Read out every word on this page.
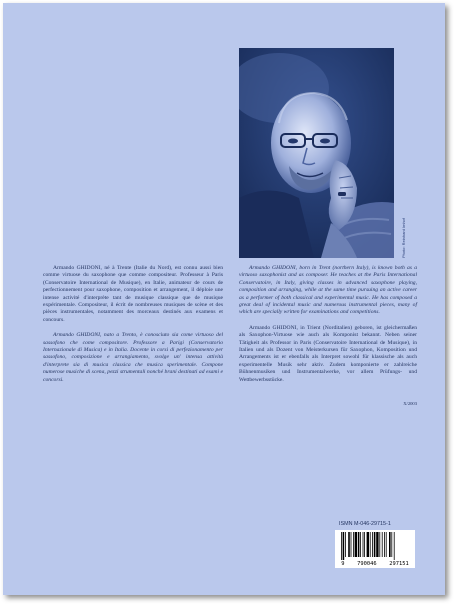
Photo: Reinhard Imhof

Armando GHIDONI, né à Trente (Italie du Nord), est connu aussi bien comme virtuose du saxophone que comme compositeur. Professeur à Paris (Conservatoire International de Musique), en Italie, animateur de cours de perfectionnement pour saxophone, composition et arrangement, il déploie une intense activité d'interprète tant de musique classique que de musique expérimentale. Compositeur, il écrit de nombreuses musiques de scène et des pièces instrumentales, notamment des morceaux destinés aux examens et concours.

Armando GHIDONI, nato a Trento, è conosciuto sia come virtuoso del sassofono che come compositore. Professore a Parigi (Conservatorio Internazionale di Musica) e in Italia. Docente in corsi di perfezionamento per sassofono, composizione e arrangiamento, svolge un' intensa attività d'interprete sia di musica classica che musica sperimentale. Compone numerose musiche di scena, pezzi strumentali nonché brani destinati ad esami e concorsi.

Armando GHIDONI, born in Trent (northern Italy), is known both as a virtuoso saxophonist and as composer. He teaches at the Paris International Conservatoire, in Italy, giving classes in advanced saxophone playing, composition and arranging, while at the same time pursuing an active career as a performer of both classical and experimental music. He has composed a great deal of incidental music and numerous instrumental pieces, many of which are specially written for examinations and competitions.

Armando GHIDONI, in Trient (Norditalien) geboren, ist gleichermaßen als Saxophon-Virtuose wie auch als Komponist bekannt. Neben seiner Tätigkeit als Professor in Paris (Conservatoire International de Musique), in Italien und als Dozent von Meisterkursen für Saxophon, Komposition und Arrangements ist er ebenfalls als Interpret sowohl für klassische als auch experimentelle Musik sehr aktiv. Zudem komponierte er zahlreiche Bühnenmusiken und Instrumentalwerke, vor allem Prüfungs- und Wettbewerbsstücke.

X/2003
ISMN M-046-29715-1
9 790046 297151
